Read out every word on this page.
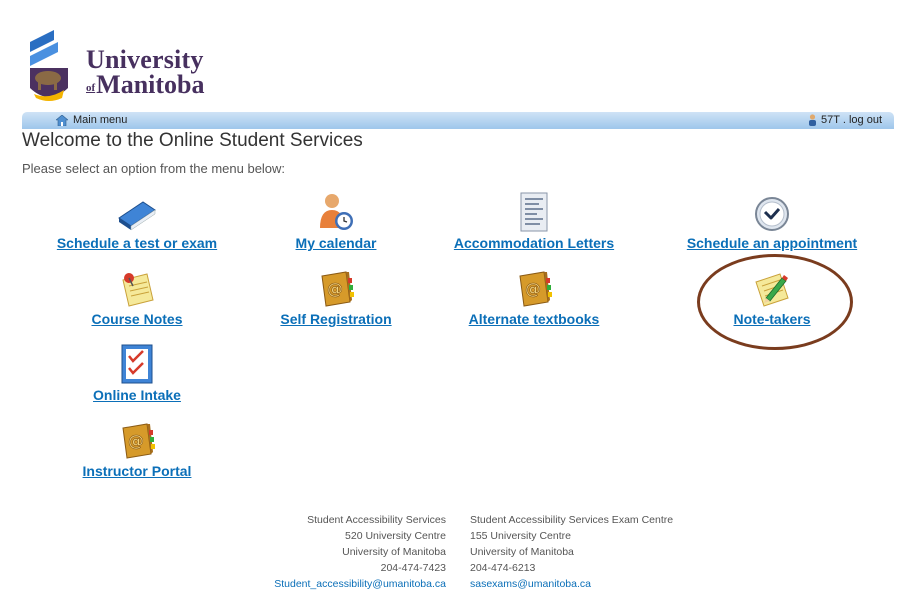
University
ofManitoba
Main menu	57T . log out
Welcome to the Online Student Services
Please select an option from the menu below:
Schedule a test or exam	My calendar	Accommodation Letters	Schedule an appointment
Course Notes
@
Self Registration
@
Alternate textbooks	Note-takers
Online Intake
@
Instructor Portal
Student Accessibility Services
520 University Centre
University of Manitoba
204-474-7423
Student_accessibility@umanitoba.ca
Student Accessibility Services Exam Centre
155 University Centre
University of Manitoba
204-474-6213
sasexams@umanitoba.ca
